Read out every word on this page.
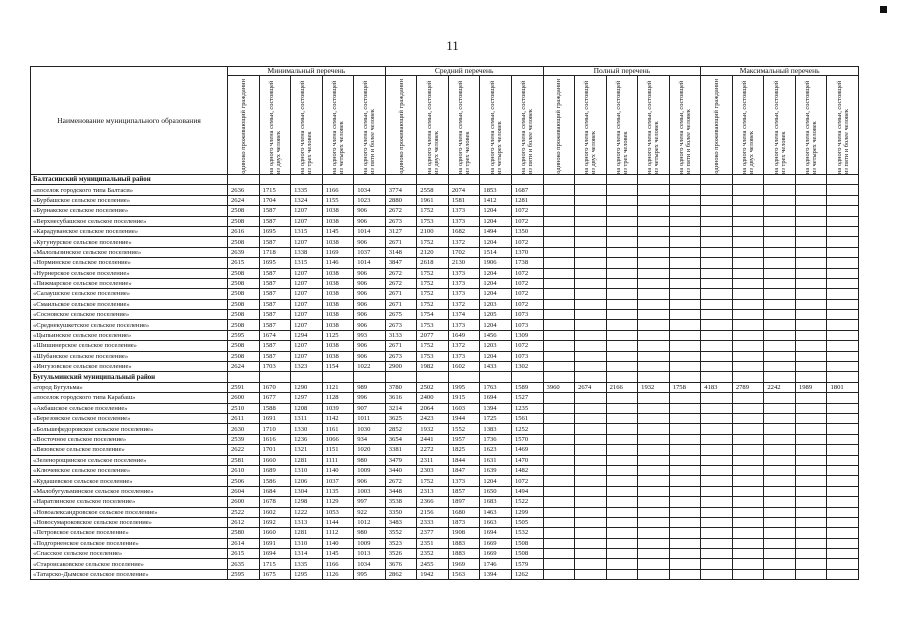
11
Наименование муниципального образования	Минимальный перечень					Средний перечень					Полный перечень					Максимальный перечень				

	одиноко проживающий гражданин	на одного члена семьи, состоящей из двух человек	на одного члена семьи, состоящей из трех человек	на одного члена семьи, состоящей из четырех человек	на одного члена семьи, состоящей из пяти и более человек	одиноко проживающий гражданин	на одного члена семьи, состоящей из двух человек	на одного члена семьи, состоящей из трех человек	на одного члена семьи, состоящей из четырех человек	на одного члена семьи, состоящей из пяти и более человек	одиноко проживающий гражданин	на одного члена семьи, состоящей из двух человек	на одного члена семьи, состоящей из трех человек	на одного члена семьи, состоящей из четырех человек	на одного члена семьи, состоящей из пяти и более человек	одиноко проживающий гражданин	на одного члена семьи, состоящей из двух человек	на одного члена семьи, состоящей из трех человек	на одного члена семьи, состоящей из четырех человек	на одного члена семьи, состоящей из пяти и более человек

Балтасинский муниципальный район																				
«поселок городского типа Балтаси»	2636	1715	1335	1166	1034	3774	2558	2074	1853	1687										
«Бурбашское сельское поселение»	2624	1704	1324	1155	1023	2880	1961	1581	1412	1281										
«Бурнакское сельское поселение»	2508	1587	1207	1038	906	2672	1752	1373	1204	1072										
«Верхнесубашское сельское поселение»	2508	1587	1207	1038	906	2673	1753	1373	1204	1072										
«Карадуванское сельское поселение»	2616	1695	1315	1145	1014	3127	2100	1682	1494	1350										
«Кугунурское сельское поселение»	2508	1587	1207	1038	906	2671	1752	1372	1204	1072										
«Малолызинское сельское поселение»	2639	1718	1338	1169	1037	3148	2120	1702	1514	1370										
«Норминское сельское поселение»	2615	1695	1315	1146	1014	3847	2618	2130	1906	1738										
«Нурнерское сельское поселение»	2508	1587	1207	1038	906	2672	1752	1373	1204	1072										
«Пижмарское сельское поселение»	2508	1587	1207	1038	906	2672	1752	1373	1204	1072										
«Салаушское сельское поселение»	2508	1587	1207	1038	906	2671	1752	1373	1204	1072										
«Смаильское сельское поселение»	2508	1587	1207	1038	906	2671	1752	1372	1203	1072										
«Сосновское сельское поселение»	2508	1587	1207	1038	906	2675	1754	1374	1205	1073										
«Среднекушкетское сельское поселение»	2508	1587	1207	1038	906	2673	1753	1373	1204	1073										
«Цыпьинское сельское поселение»	2595	1674	1294	1125	993	3133	2077	1649	1456	1309										
«Шишинерское сельское поселение»	2508	1587	1207	1038	906	2671	1752	1372	1203	1072										
«Шубанское сельское поселение»	2508	1587	1207	1038	906	2673	1753	1373	1204	1073										
«Ингузовское сельское поселение»	2624	1703	1323	1154	1022	2900	1982	1602	1433	1302										
Бугульминский муниципальный район																				
«город Бугульма»	2591	1670	1290	1121	989	3780	2502	1995	1763	1589	3960	2674	2166	1932	1758	4183	2789	2242	1989	1801
«поселок городского типа Карабаш»	2600	1677	1297	1128	996	3616	2400	1915	1694	1527										
«Акбашское сельское поселение»	2510	1588	1208	1039	907	3214	2064	1603	1394	1235										
«Березовское сельское поселение»	2611	1691	1311	1142	1011	3625	2423	1944	1725	1561										
«Большефедоровское сельское поселение»	2630	1710	1330	1161	1030	2852	1932	1552	1383	1252										
«Восточное сельское поселение»	2539	1616	1236	1066	934	3654	2441	1957	1736	1570										
«Вязовское сельское поселение»	2622	1701	1321	1151	1020	3381	2272	1825	1623	1469										
«Зеленорощинское сельское поселение»	2581	1660	1281	1111	980	3479	2311	1844	1631	1470										
«Ключевское сельское поселение»	2610	1689	1310	1140	1009	3440	2303	1847	1639	1482										
«Кудашевское сельское поселение»	2506	1586	1206	1037	906	2672	1752	1373	1204	1072										
«Малобугульминское сельское поселение»	2604	1684	1304	1135	1003	3448	2313	1857	1650	1494										
«Наратлинское сельское поселение»	2600	1678	1298	1129	997	3538	2366	1897	1683	1522										
«Новоалександровское сельское поселение»	2522	1602	1222	1053	922	3350	2156	1680	1463	1299										
«Новосумароковское сельское поселение»	2612	1692	1313	1144	1012	3483	2333	1873	1663	1505										
«Петровское сельское поселение»	2580	1660	1281	1112	980	3552	2377	1908	1694	1532										
«Подгорненское сельское поселение»	2614	1691	1310	1140	1009	3523	2351	1883	1669	1508										
«Спасское сельское поселение»	2615	1694	1314	1145	1013	3526	2352	1883	1669	1508										
«Староисаковское сельское поселение»	2635	1715	1335	1166	1034	3676	2455	1969	1746	1579										
«Татарско-Дымское сельское поселение»	2595	1675	1295	1126	995	2862	1942	1563	1394	1262										
